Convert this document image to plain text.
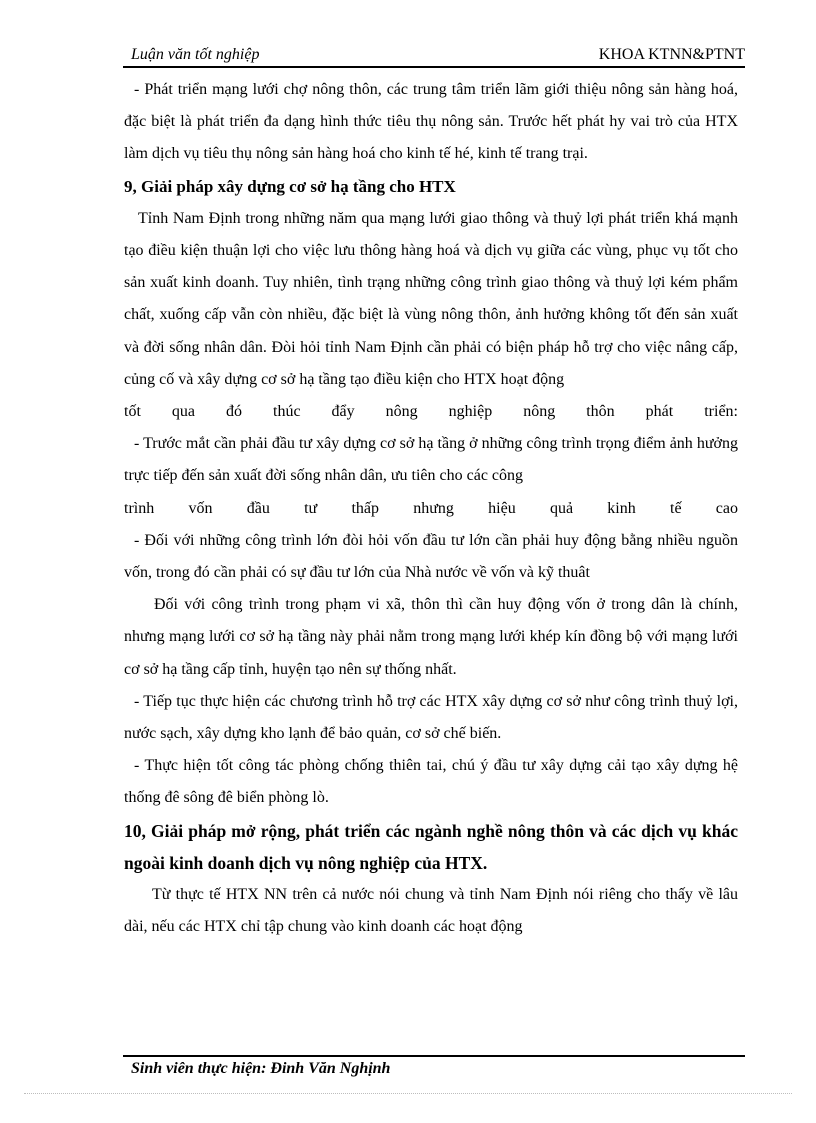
Luận văn tốt nghiệp	KHOA KTNN&PTNT

- Phát triển mạng lưới chợ nông thôn, các trung tâm triển lãm giới thiệu nông sản hàng hoá, đặc biệt là phát triển đa dạng hình thức tiêu thụ nông sản. Trước hết phát hy vai trò của HTX làm dịch vụ tiêu thụ nông sản hàng hoá cho kinh tế hé, kinh tế trang trại.

9, Giải pháp xây dựng cơ sở hạ tầng cho HTX

Tỉnh Nam Định trong những năm qua mạng lưới giao thông và thuỷ lợi phát triển khá mạnh tạo điều kiện thuận lợi cho việc lưu thông hàng hoá và dịch vụ giữa các vùng, phục vụ tốt cho sản xuất kinh doanh. Tuy nhiên, tình trạng những công trình giao thông và thuỷ lợi kém phẩm chất, xuống cấp vẫn còn nhiều, đặc biệt là vùng nông thôn, ảnh hưởng không tốt đến sản xuất và đời sống nhân dân. Đòi hỏi tỉnh Nam Định cần phải có biện pháp hỗ trợ cho việc nâng cấp, củng cố và xây dựng cơ sở hạ tầng tạo điều kiện cho HTX hoạt động

tốt qua đó thúc đẩy nông nghiệp nông thôn phát triển:

- Trước mắt cần phải đầu tư xây dựng cơ sở hạ tầng ở những công trình trọng điểm ảnh hưởng trực tiếp đến sản xuất đời sống nhân dân, ưu tiên cho các công

trình vốn đầu tư thấp nhưng hiệu quả kinh tế cao

- Đối với những công trình lớn đòi hỏi vốn đầu tư lớn cần phải huy động bằng nhiều nguồn vốn, trong đó cần phải có sự đầu tư lớn của Nhà nước về vốn và kỹ thuât

Đối với công trình trong phạm vi xã, thôn thì cần huy động vốn ở trong dân là chính, nhưng mạng lưới cơ sở hạ tầng này phải nằm trong mạng lưới khép kín đồng bộ với mạng lưới cơ sở hạ tầng cấp tỉnh, huyện tạo nên sự thống nhất.

- Tiếp tục thực hiện các chương trình hỗ trợ các HTX xây dựng cơ sở như công trình thuỷ lợi, nước sạch, xây dựng kho lạnh để bảo quản, cơ sở chế biến.

- Thực hiện tốt công tác phòng chống thiên tai, chú ý đầu tư xây dựng cải tạo xây dựng hệ thống đê sông đê biển phòng lò.

10, Giải pháp mở rộng, phát triển các ngành nghề nông thôn và các dịch vụ khác ngoài kinh doanh dịch vụ nông nghiệp của HTX.

Từ thực tế HTX NN trên cả nước nói chung và tỉnh Nam Định nói riêng cho thấy về lâu dài, nếu các HTX chỉ tập chung vào kinh doanh các hoạt động

Sinh viên thực hiện: Đinh Văn Nghịnh
